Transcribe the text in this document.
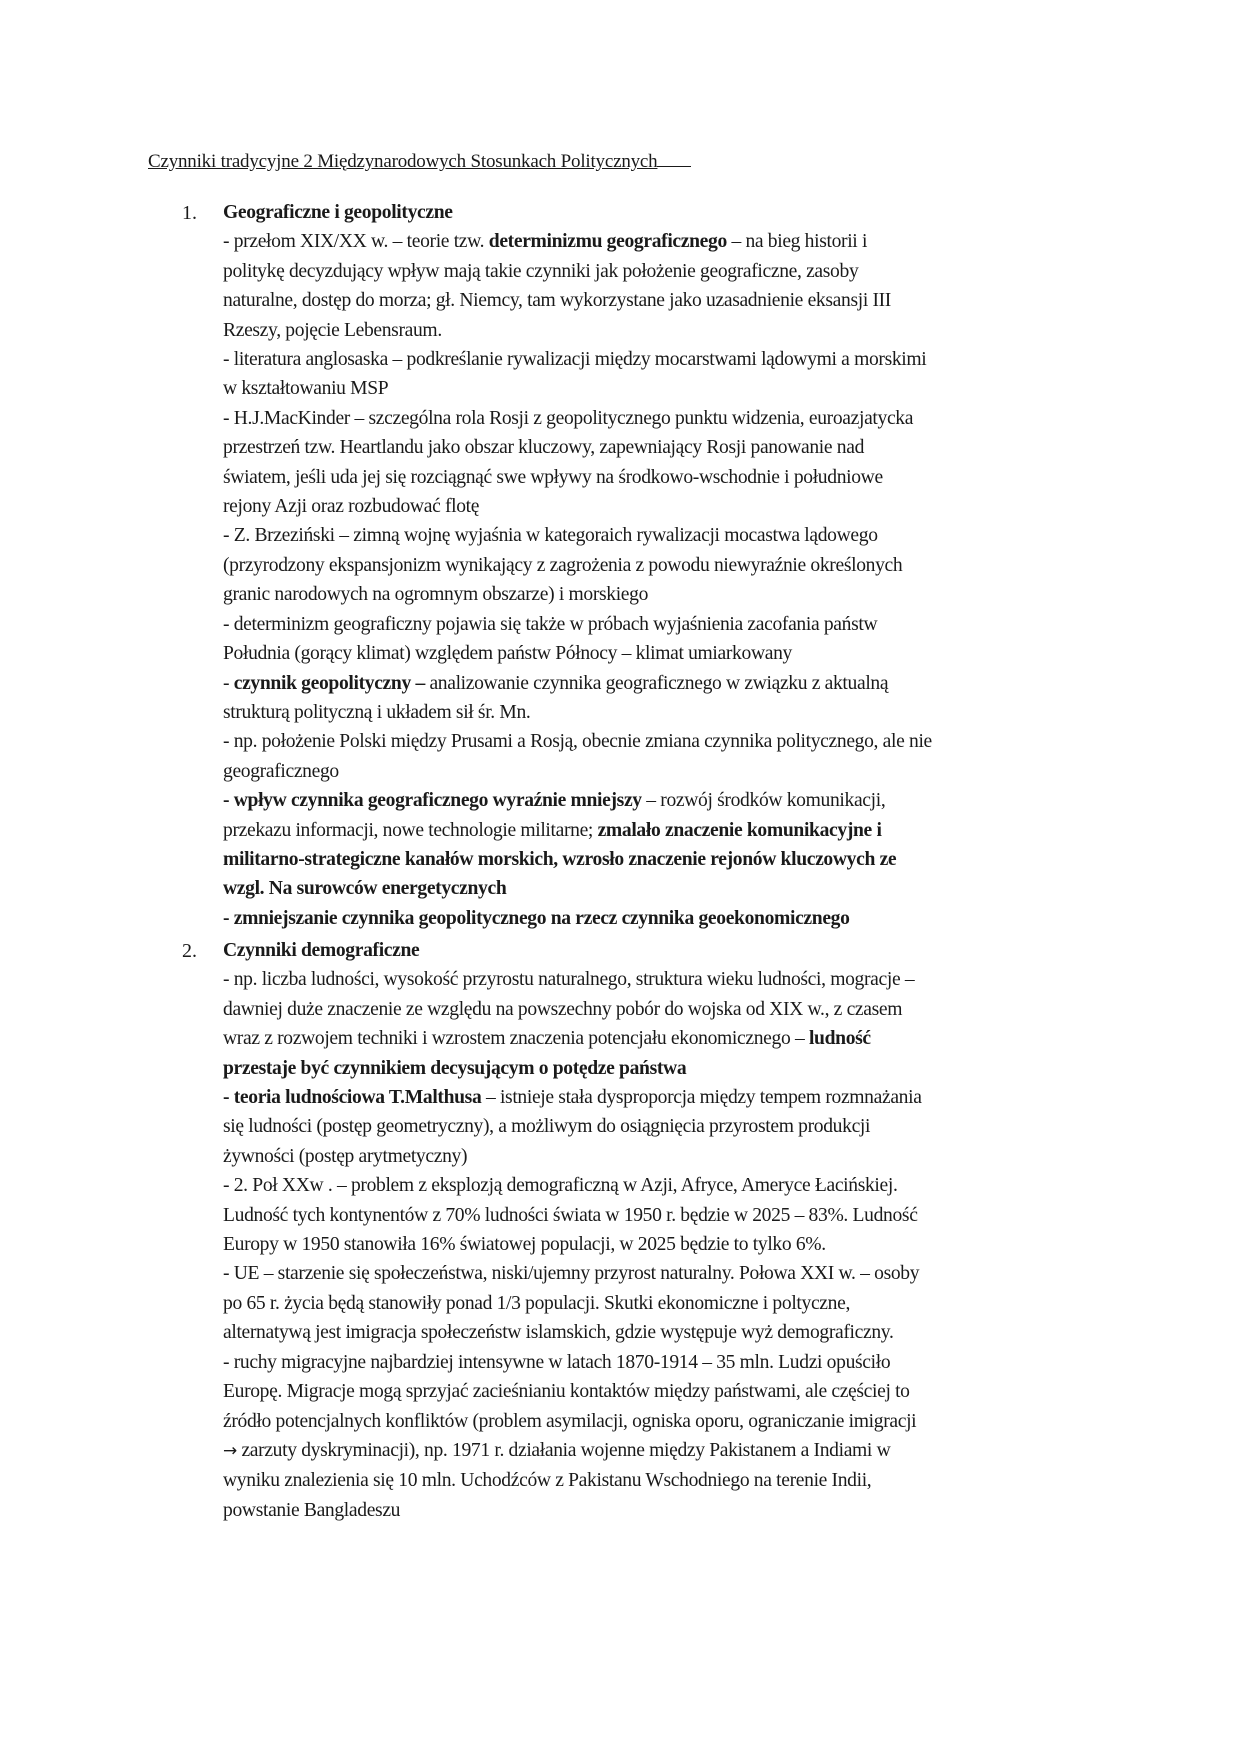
Czynniki tradycyjne 2 Międzynarodowych Stosunkach Politycznych
1. Geograficzne i geopolityczne
- przełom XIX/XX w. – teorie tzw. determinizmu geograficznego – na bieg historii i
politykę decyzdujący wpływ mają takie czynniki jak położenie geograficzne, zasoby
naturalne, dostęp do morza; gł. Niemcy, tam wykorzystane jako uzasadnienie eksansji III
Rzeszy, pojęcie Lebensraum.
- literatura anglosaska – podkreślanie rywalizacji między mocarstwami lądowymi a morskimi
w kształtowaniu MSP
- H.J.MacKinder – szczególna rola Rosji z geopolitycznego punktu widzenia, euroazjatycka
przestrzeń tzw. Heartlandu jako obszar kluczowy, zapewniający Rosji panowanie nad
światem, jeśli uda jej się rozciągnąć swe wpływy na środkowo-wschodnie i południowe
rejony Azji oraz rozbudować flotę
- Z. Brzeziński – zimną wojnę wyjaśnia w kategoraich rywalizacji mocastwa lądowego
(przyrodzony ekspansjonizm wynikający z zagrożenia z powodu niewyraźnie określonych
granic narodowych na ogromnym obszarze) i morskiego
- determinizm geograficzny pojawia się także w próbach wyjaśnienia zacofania państw
Południa (gorący klimat) względem państw Północy – klimat umiarkowany
- czynnik geopolityczny – analizowanie czynnika geograficznego w związku z aktualną
strukturą polityczną i układem sił śr. Mn.
- np. położenie Polski między Prusami a Rosją, obecnie zmiana czynnika politycznego, ale nie
geograficznego
- wpływ czynnika geograficznego wyraźnie mniejszy – rozwój środków komunikacji,
przekazu informacji, nowe technologie militarne; zmalało znaczenie komunikacyjne i
militarno-strategiczne kanałów morskich, wzrosło znaczenie rejonów kluczowych ze
wzgl. Na surowców energetycznych
- zmniejszanie czynnika geopolitycznego na rzecz czynnika geoekonomicznego
2. Czynniki demograficzne
- np. liczba ludności, wysokość przyrostu naturalnego, struktura wieku ludności, mogracje –
dawniej duże znaczenie ze względu na powszechny pobór do wojska od XIX w., z czasem
wraz z rozwojem techniki i wzrostem znaczenia potencjału ekonomicznego – ludność
przestaje być czynnikiem decysującym o potędze państwa
- teoria ludnościowa T.Malthusa – istnieje stała dysproporcja między tempem rozmnażania
się ludności (postęp geometryczny), a możliwym do osiągnięcia przyrostem produkcji
żywności (postęp arytmetyczny)
- 2. Poł XXw . – problem z eksplozją demograficzną w Azji, Afryce, Ameryce Łacińskiej.
Ludność tych kontynentów z 70% ludności świata w 1950 r. będzie w 2025 – 83%. Ludność
Europy w 1950 stanowiła 16% światowej populacji, w 2025 będzie to tylko 6%.
- UE – starzenie się społeczeństwa, niski/ujemny przyrost naturalny. Połowa XXI w. – osoby
po 65 r. życia będą stanowiły ponad 1/3 populacji. Skutki ekonomiczne i poltyczne,
alternatywą jest imigracja społeczeństw islamskich, gdzie występuje wyż demograficzny.
- ruchy migracyjne najbardziej intensywne w latach 1870-1914 – 35 mln. Ludzi opuściło
Europę. Migracje mogą sprzyjać zacieśnianiu kontaktów między państwami, ale częściej to
źródło potencjalnych konfliktów (problem asymilacji, ogniska oporu, ograniczanie imigracji
→ zarzuty dyskryminacji), np. 1971 r. działania wojenne między Pakistanem a Indiami w
wyniku znalezienia się 10 mln. Uchodźców z Pakistanu Wschodniego na terenie Indii,
powstanie Bangladeszu
